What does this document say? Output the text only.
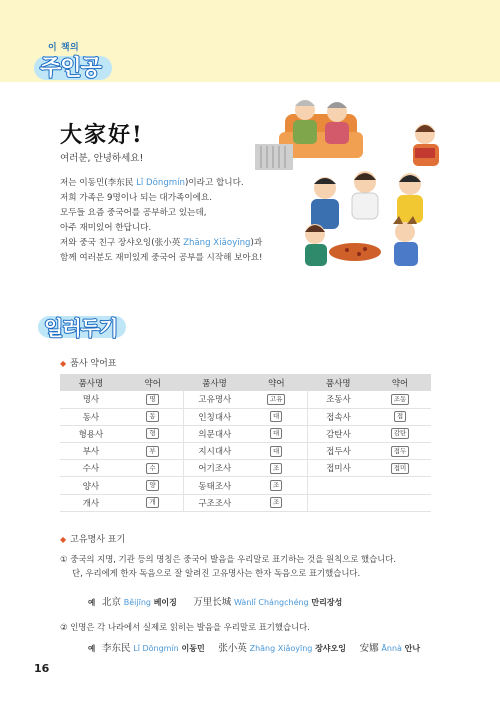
이 책의
주인공
大家好!
여러분, 안녕하세요!
저는 이동민(李东民 Lǐ Dōngmín)이라고 합니다.
저희 가족은 9명이나 되는 대가족이에요.
모두들 요즘 중국어를 공부하고 있는데,
아주 재미있어 한답니다.
저와 중국 친구 장샤오잉(张小英 Zhāng Xiǎoyīng)과
함께 여러분도 재미있게 중국어 공부를 시작해 보아요!
일러두기
◆ 품사 약어표
품사명	약어	품사명	약어	품사명	약어
명사	명	고유명사	고유	조동사	조동
동사	동	인칭대사	대	접속사	접
형용사	형	의문대사	대	감탄사	감탄
부사	부	지시대사	대	접두사	접두
수사	수	어기조사	조	접미사	접미
양사	양	동태조사	조		
개사	개	구조조사	조		
◆ 고유명사 표기
① 중국의 지명, 기관 등의 명칭은 중국어 발음을 우리말로 표기하는 것을 원칙으로 했습니다.
단, 우리에게 한자 독음으로 잘 알려진 고유명사는 한자 독음으로 표기했습니다.
예 北京 Běijīng 베이징 万里长城 Wànlǐ Chángchéng 만리장성
② 인명은 각 나라에서 실제로 읽히는 발음을 우리말로 표기했습니다.
예 李东民 Lǐ Dōngmín 이동민 张小英 Zhāng Xiǎoyīng 장샤오잉 安娜 Ānnà 안나
16
